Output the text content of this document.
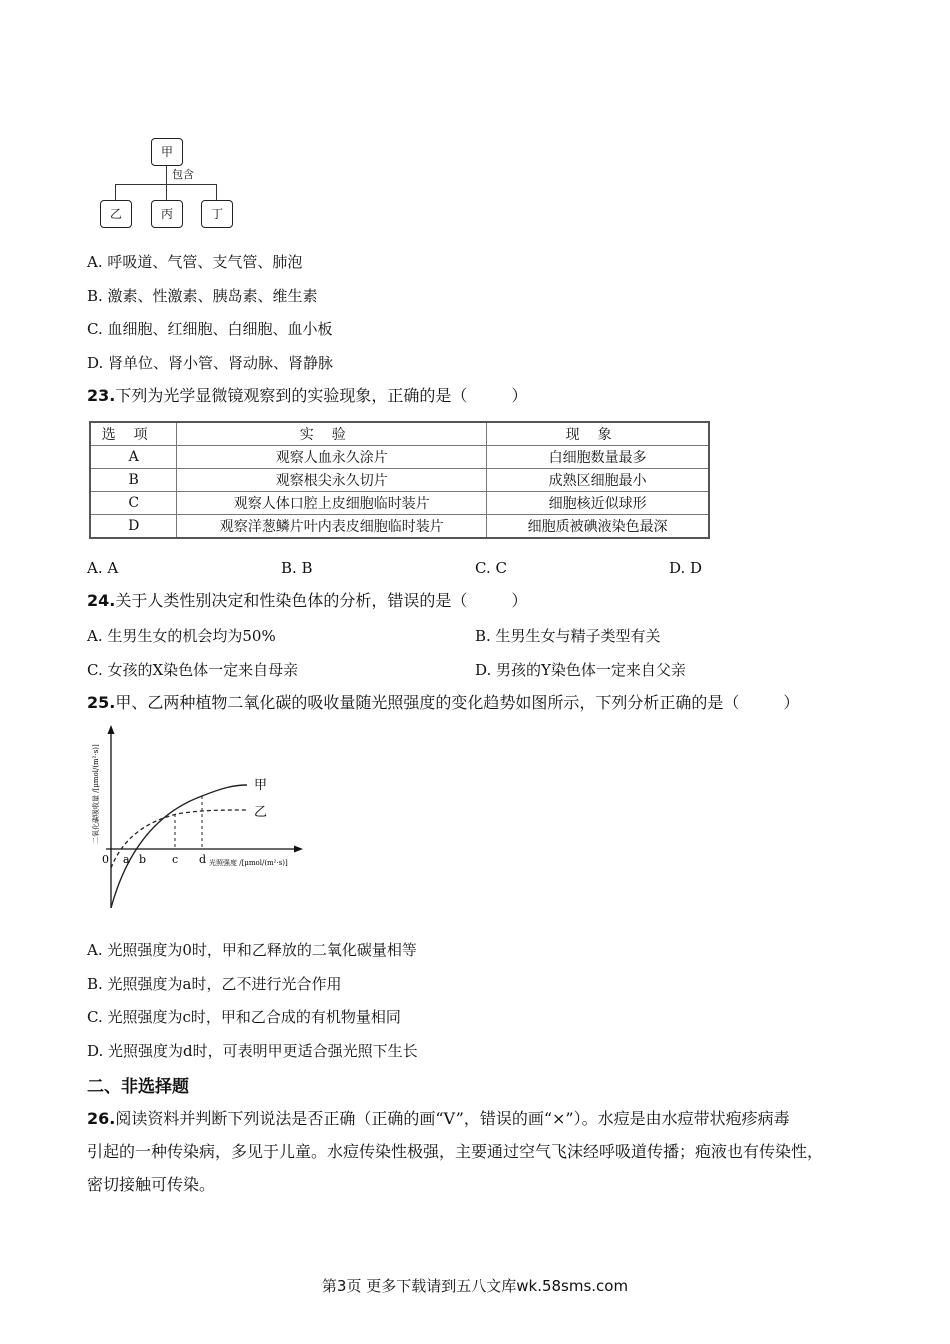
甲
包含
乙	丙	丁
A. 呼吸道、气管、支气管、肺泡
B. 激素、性激素、胰岛素、维生素
C. 血细胞、红细胞、白细胞、血小板
D. 肾单位、肾小管、肾动脉、肾静脉
23.下列为光学显微镜观察到的实验现象，正确的是（	）
选项	实验	现象
A	观察人血永久涂片	白细胞数量最多
B	观察根尖永久切片	成熟区细胞最小
C	观察人体口腔上皮细胞临时装片	细胞核近似球形
D	观察洋葱鳞片叶内表皮细胞临时装片	细胞质被碘液染色最深
A. A	B. B	C. C	D. D
24.关于人类性别决定和性染色体的分析，错误的是（	）
A. 生男生女的机会均为50%	B. 生男生女与精子类型有关
C. 女孩的X染色体一定来自母亲	D. 男孩的Y染色体一定来自父亲
25.甲、乙两种植物二氧化碳的吸收量随光照强度的变化趋势如图所示，下列分析正确的是（	）
0 a b c d
甲
乙
光照强度 /[μmol/(m²·s)]
二氧化碳吸收量 /[μmol/(m²·s)]
A. 光照强度为0时，甲和乙释放的二氧化碳量相等
B. 光照强度为a时，乙不进行光合作用
C. 光照强度为c时，甲和乙合成的有机物量相同
D. 光照强度为d时，可表明甲更适合强光照下生长
二、非选择题
26.阅读资料并判断下列说法是否正确（正确的画“V”，错误的画“×”）。水痘是由水痘带状疱疹病毒
引起的一种传染病，多见于儿童。水痘传染性极强，主要通过空气飞沫经呼吸道传播；疱液也有传染性，
密切接触可传染。
第3页 更多下载请到五八文库wk.58sms.com
